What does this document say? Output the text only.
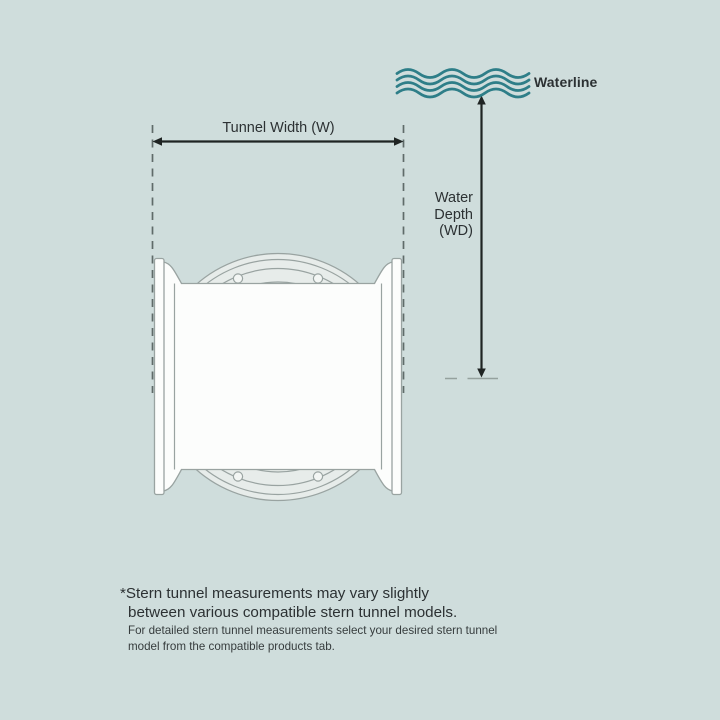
Waterline
Tunnel Width (W)
Water
Depth
(WD)
*Stern tunnel measurements may vary slightly
between various compatible stern tunnel models.
For detailed stern tunnel measurements select your desired stern tunnel
model from the compatible products tab.
